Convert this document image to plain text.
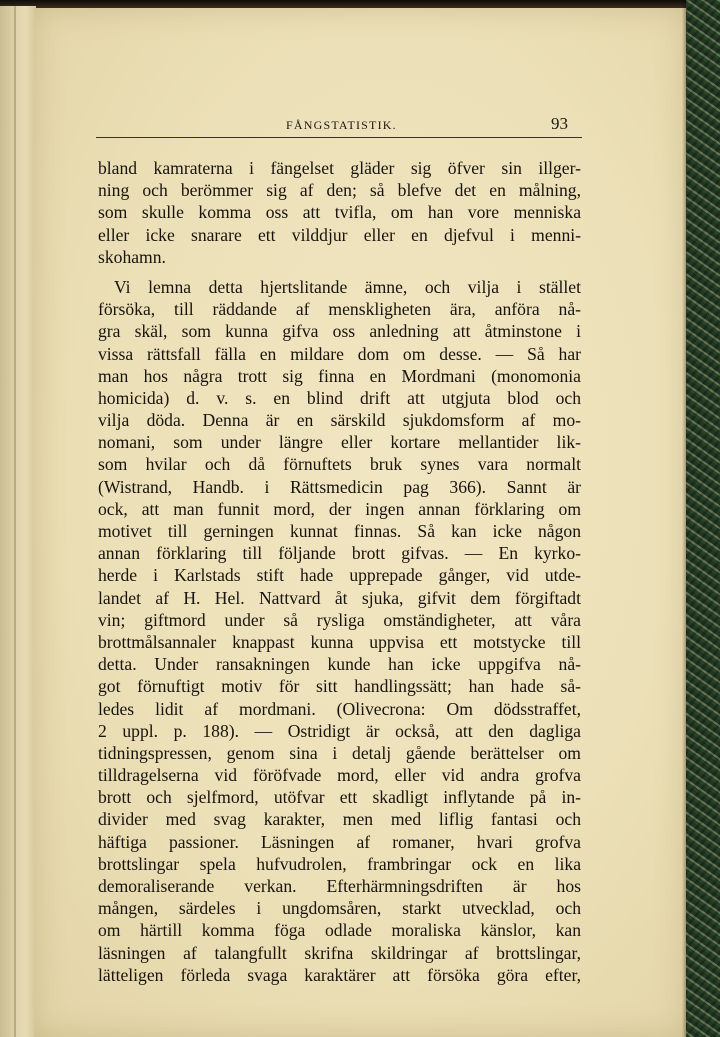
FÅNGSTATISTIK.	93
bland kamraterna i fängelset gläder sig öfver sin illger-
ning och berömmer sig af den; så blefve det en målning,
som skulle komma oss att tvifla, om han vore menniska
eller icke snarare ett vilddjur eller en djefvul i menni-
skohamn.
Vi lemna detta hjertslitande ämne, och vilja i stället
försöka, till räddande af menskligheten ära, anföra nå-
gra skäl, som kunna gifva oss anledning att åtminstone i
vissa rättsfall fälla en mildare dom om desse. — Så har
man hos några trott sig finna en Mordmani (monomonia
homicida) d. v. s. en blind drift att utgjuta blod och
vilja döda. Denna är en särskild sjukdomsform af mo-
nomani, som under längre eller kortare mellantider lik-
som hvilar och då förnuftets bruk synes vara normalt
(Wistrand, Handb. i Rättsmedicin pag 366). Sannt är
ock, att man funnit mord, der ingen annan förklaring om
motivet till gerningen kunnat finnas. Så kan icke någon
annan förklaring till följande brott gifvas. — En kyrko-
herde i Karlstads stift hade upprepade gånger, vid utde-
landet af H. Hel. Nattvard åt sjuka, gifvit dem förgiftadt
vin; giftmord under så rysliga omständigheter, att våra
brottmålsannaler knappast kunna uppvisa ett motstycke till
detta. Under ransakningen kunde han icke uppgifva nå-
got förnuftigt motiv för sitt handlingssätt; han hade så-
ledes lidit af mordmani. (Olivecrona: Om dödsstraffet,
2 uppl. p. 188). — Ostridigt är också, att den dagliga
tidningspressen, genom sina i detalj gående berättelser om
tilldragelserna vid föröfvade mord, eller vid andra grofva
brott och sjelfmord, utöfvar ett skadligt inflytande på in-
divider med svag karakter, men med liflig fantasi och
häftiga passioner. Läsningen af romaner, hvari grofva
brottslingar spela hufvudrolen, frambringar ock en lika
demoraliserande verkan. Efterhärmningsdriften är hos
mången, särdeles i ungdomsåren, starkt utvecklad, och
om härtill komma föga odlade moraliska känslor, kan
läsningen af talangfullt skrifna skildringar af brottslingar,
lätteligen förleda svaga karaktärer att försöka göra efter,
